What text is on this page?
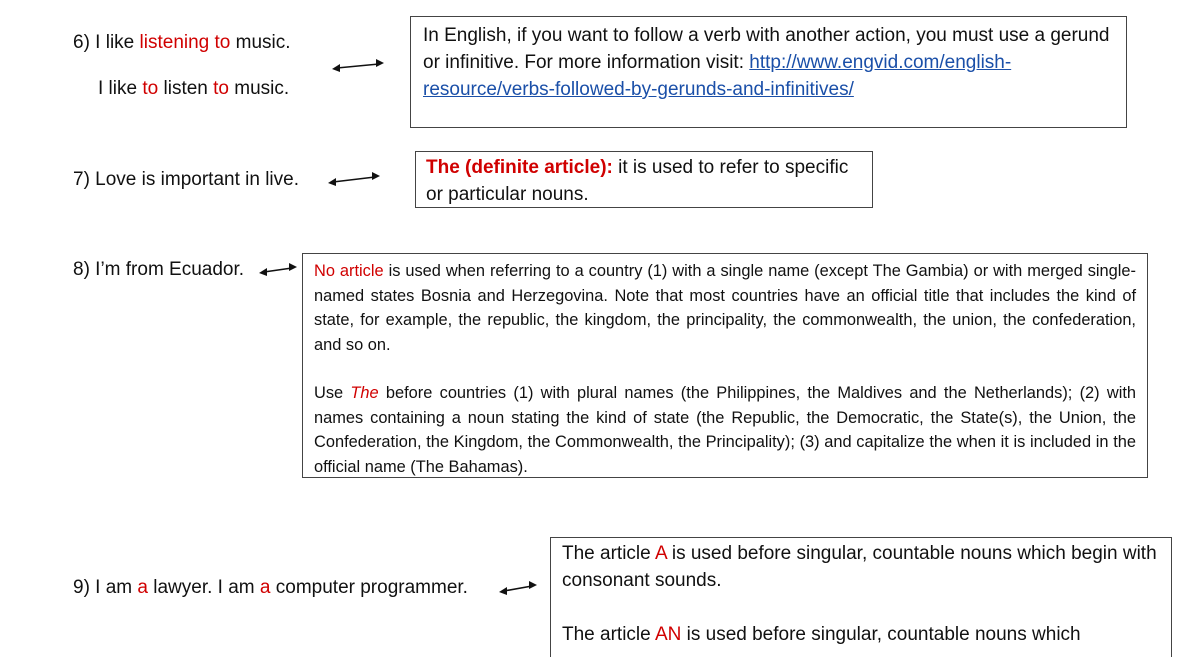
6) I like listening to music.
I like to listen to music.

In English, if you want to follow a verb with another action, you must use a gerund or infinitive. For more information visit: http://www.engvid.com/english-resource/verbs-followed-by-gerunds-and-infinitives/

7) Love is important in live.

The (definite article): it is used to refer to specific or particular nouns.

8) I’m from Ecuador.	No article is used when referring to a country (1) with a single name (except The Gambia) or with merged single-named states Bosnia and Herzegovina. Note that most countries have an official title that includes the kind of state, for example, the republic, the kingdom, the principality, the commonwealth, the union, the confederation, and so on.

Use The before countries (1) with plural names (the Philippines, the Maldives and the Netherlands); (2) with names containing a noun stating the kind of state (the Republic, the Democratic, the State(s), the Union, the Confederation, the Kingdom, the Commonwealth, the Principality); (3) and capitalize the when it is included in the official name (The Bahamas).

9) I am a lawyer. I am a computer programmer.

The article A is used before singular, countable nouns which begin with consonant sounds.

The article AN is used before singular, countable nouns which
